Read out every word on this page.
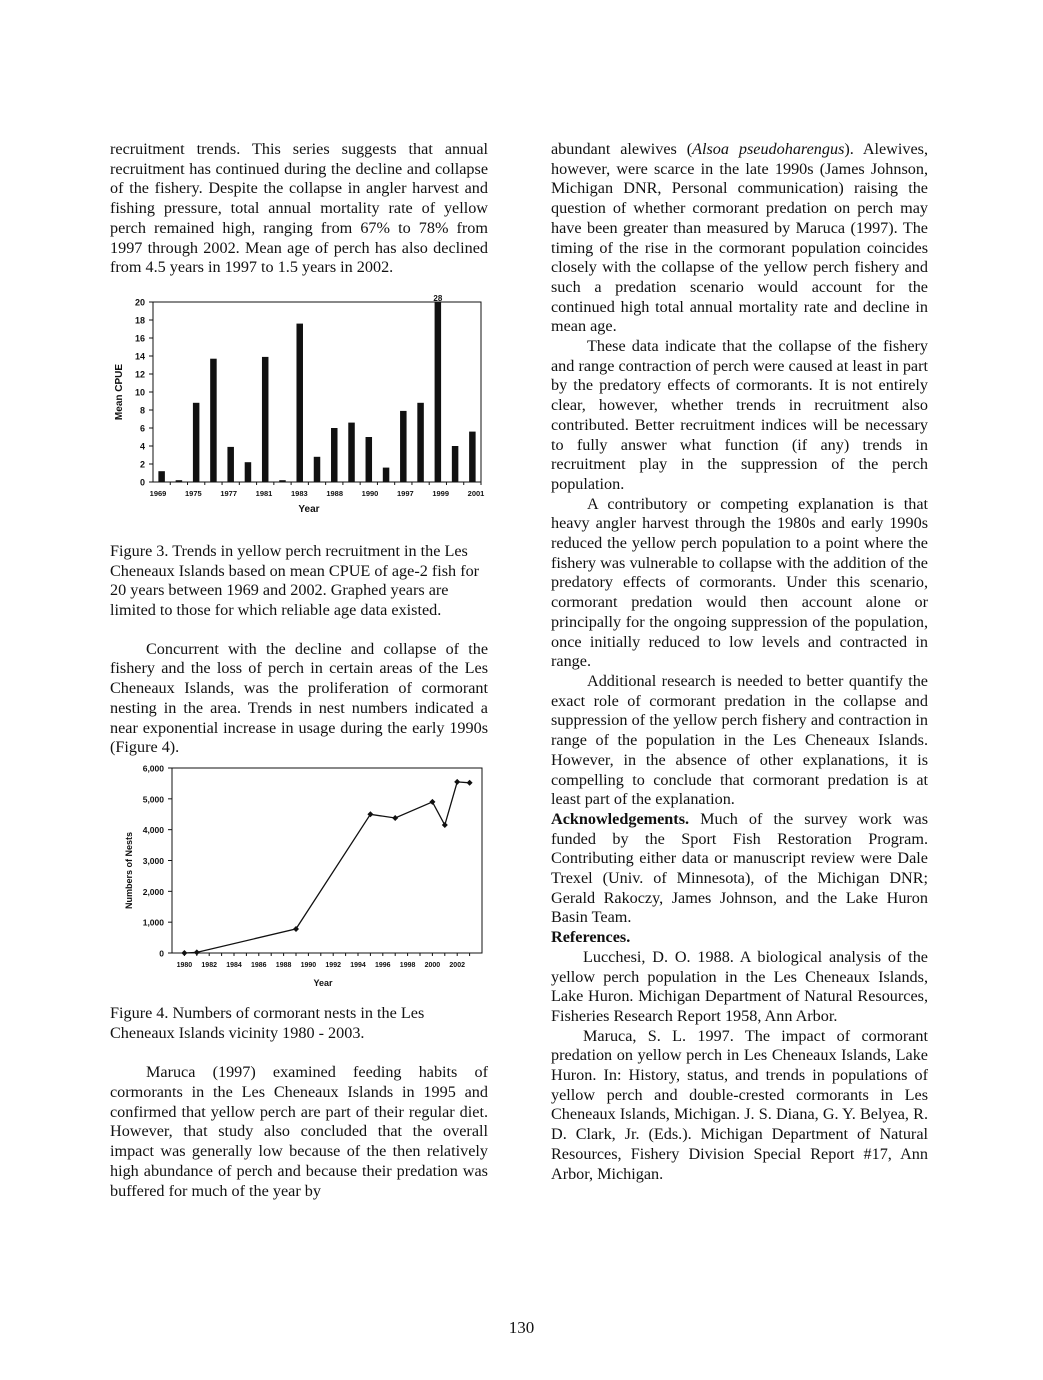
recruitment trends. This series suggests that annual recruitment has continued during the decline and collapse of the fishery. Despite the collapse in angler harvest and fishing pressure, total annual mortality rate of yellow perch remained high, ranging from 67% to 78% from 1997 through 2002. Mean age of perch has also declined from 4.5 years in 1997 to 1.5 years in 2002.

0
2
4
6
8
10
12
14
16
18
20
1969 1975 1977 1981 1983 1988 1990 1997 1999 2001
28
Year
Mean CPUE

Figure 3. Trends in yellow perch recruitment in the Les Cheneaux Islands based on mean CPUE of age-2 fish for 20 years between 1969 and 2002. Graphed years are limited to those for which reliable age data existed.

Concurrent with the decline and collapse of the fishery and the loss of perch in certain areas of the Les Cheneaux Islands, was the proliferation of cormorant nesting in the area. Trends in nest numbers indicated a near exponential increase in usage during the early 1990s (Figure 4).

0
1,000
2,000
3,000
4,000
5,000
6,000
1980 1982 1984 1986 1988 1990 1992 1994 1996 1998 2000 2002
Year
Numbers of Nests

Figure 4. Numbers of cormorant nests in the Les Cheneaux Islands vicinity 1980 - 2003.

Maruca (1997) examined feeding habits of cormorants in the Les Cheneaux Islands in 1995 and confirmed that yellow perch are part of their regular diet. However, that study also concluded that the overall impact was generally low because of the then relatively high abundance of perch and because their predation was buffered for much of the year by

abundant alewives (Alsoa pseudoharengus). Alewives, however, were scarce in the late 1990s (James Johnson, Michigan DNR, Personal communication) raising the question of whether cormorant predation on perch may have been greater than measured by Maruca (1997). The timing of the rise in the cormorant population coincides closely with the collapse of the yellow perch fishery and such a predation scenario would account for the continued high total annual mortality rate and decline in mean age.

These data indicate that the collapse of the fishery and range contraction of perch were caused at least in part by the predatory effects of cormorants. It is not entirely clear, however, whether trends in recruitment also contributed. Better recruitment indices will be necessary to fully answer what function (if any) trends in recruitment play in the suppression of the perch population.

A contributory or competing explanation is that heavy angler harvest through the 1980s and early 1990s reduced the yellow perch population to a point where the fishery was vulnerable to collapse with the addition of the predatory effects of cormorants. Under this scenario, cormorant predation would then account alone or principally for the ongoing suppression of the population, once initially reduced to low levels and contracted in range.

Additional research is needed to better quantify the exact role of cormorant predation in the collapse and suppression of the yellow perch fishery and contraction in range of the population in the Les Cheneaux Islands. However, in the absence of other explanations, it is compelling to conclude that cormorant predation is at least part of the explanation.

Acknowledgements. Much of the survey work was funded by the Sport Fish Restoration Program. Contributing either data or manuscript review were Dale Trexel (Univ. of Minnesota), of the Michigan DNR; Gerald Rakoczy, James Johnson, and the Lake Huron Basin Team.

References.

Lucchesi, D. O. 1988. A biological analysis of the yellow perch population in the Les Cheneaux Islands, Lake Huron. Michigan Department of Natural Resources, Fisheries Research Report 1958, Ann Arbor.

Maruca, S. L. 1997. The impact of cormorant predation on yellow perch in Les Cheneaux Islands, Lake Huron. In: History, status, and trends in populations of yellow perch and double-crested cormorants in Les Cheneaux Islands, Michigan. J. S. Diana, G. Y. Belyea, R. D. Clark, Jr. (Eds.). Michigan Department of Natural Resources, Fishery Division Special Report #17, Ann Arbor, Michigan.

130
